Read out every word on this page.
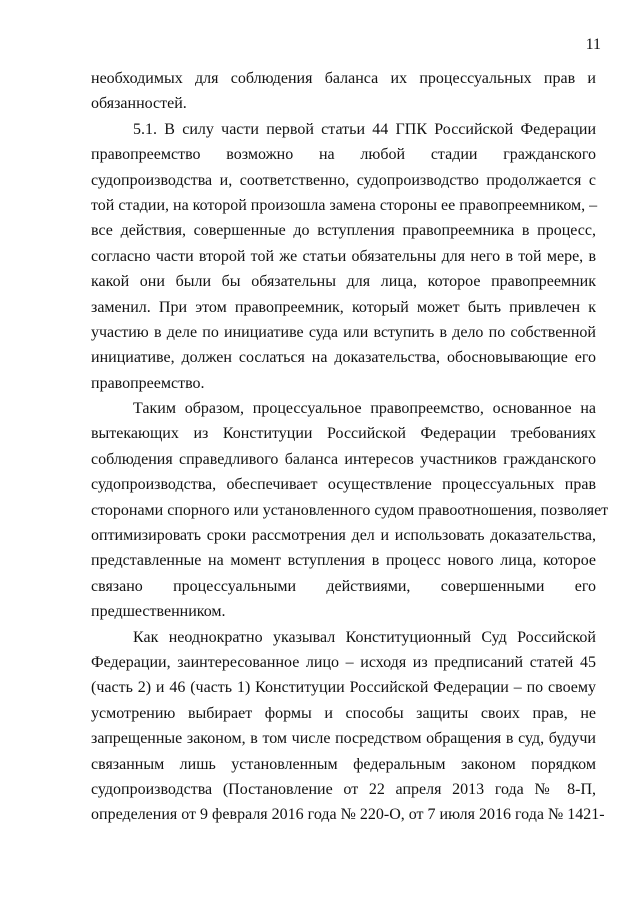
11
необходимых для соблюдения баланса их процессуальных прав и
обязанностей.
5.1. В силу части первой статьи 44 ГПК Российской Федерации
правопреемство возможно на любой стадии гражданского
судопроизводства и, соответственно, судопроизводство продолжается с
той стадии, на которой произошла замена стороны ее правопреемником, –
все действия, совершенные до вступления правопреемника в процесс,
согласно части второй той же статьи обязательны для него в той мере, в
какой они были бы обязательны для лица, которое правопреемник
заменил. При этом правопреемник, который может быть привлечен к
участию в деле по инициативе суда или вступить в дело по собственной
инициативе, должен сослаться на доказательства, обосновывающие его
правопреемство.
Таким образом, процессуальное правопреемство, основанное на
вытекающих из Конституции Российской Федерации требованиях
соблюдения справедливого баланса интересов участников гражданского
судопроизводства, обеспечивает осуществление процессуальных прав
сторонами спорного или установленного судом правоотношения, позволяет
оптимизировать сроки рассмотрения дел и использовать доказательства,
представленные на момент вступления в процесс нового лица, которое
связано процессуальными действиями, совершенными его
предшественником.
Как неоднократно указывал Конституционный Суд Российской
Федерации, заинтересованное лицо – исходя из предписаний статей 45
(часть 2) и 46 (часть 1) Конституции Российской Федерации – по своему
усмотрению выбирает формы и способы защиты своих прав, не
запрещенные законом, в том числе посредством обращения в суд, будучи
связанным лишь установленным федеральным законом порядком
судопроизводства (Постановление от 22 апреля 2013 года № 8-П,
определения от 9 февраля 2016 года № 220-О, от 7 июля 2016 года № 1421-
